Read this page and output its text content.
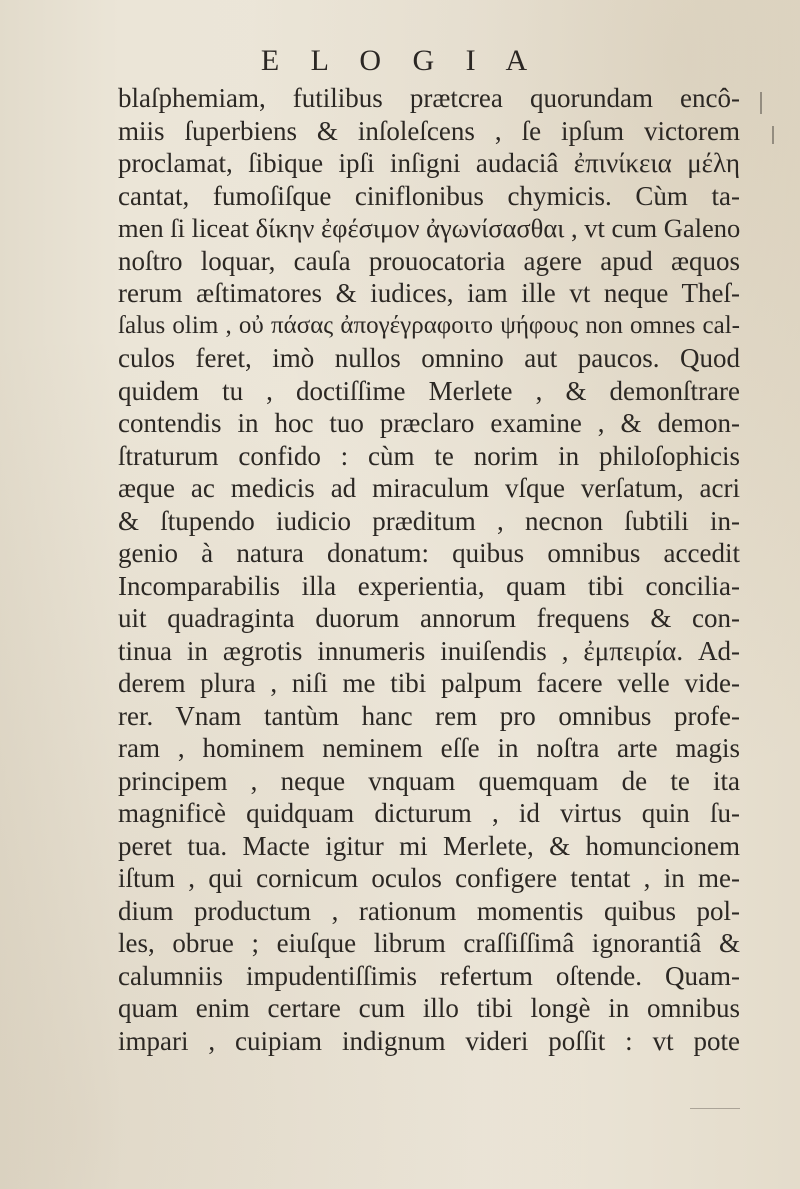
E L O G I A
blaſphemiam, futilibus prætcrea quorundam encô-
miis ſuperbiens & inſoleſcens , ſe ipſum victorem
proclamat, ſibique ipſi inſigni audaciâ ἐπινίκεια μέλη
cantat, fumoſiſque ciniflonibus chymicis. Cùm ta-
men ſi liceat δίκην ἐφέσιμον ἀγωνίσασθαι , vt cum Galeno
noſtro loquar, cauſa prouocatoria agere apud æquos
rerum æſtimatores & iudices, iam ille vt neque Theſ-
ſalus olim , οὐ πάσας ἀπογέγραφοιτο ψήφους non omnes cal-
culos feret, imò nullos omnino aut paucos. Quod
quidem tu , doctiſſime Merlete , & demonſtrare
contendis in hoc tuo præclaro examine , & demon-
ſtraturum confido : cùm te norim in philoſophicis
æque ac medicis ad miraculum vſque verſatum, acri
& ſtupendo iudicio præditum , necnon ſubtili in-
genio à natura donatum: quibus omnibus accedit
Incomparabilis illa experientia, quam tibi concilia-
uit quadraginta duorum annorum frequens & con-
tinua in ægrotis innumeris inuiſendis , ἐμπειρία. Ad-
derem plura , niſi me tibi palpum facere velle vide-
rer. Vnam tantùm hanc rem pro omnibus profe-
ram , hominem neminem eſſe in noſtra arte magis
principem , neque vnquam quemquam de te ita
magnificè quidquam dicturum , id virtus quin ſu-
peret tua. Macte igitur mi Merlete, & homuncionem
iſtum , qui cornicum oculos configere tentat , in me-
dium productum , rationum momentis quibus pol-
les, obrue ; eiuſque librum craſſiſſimâ ignorantiâ &
calumniis impudentiſſimis refertum oſtende. Quam-
quam enim certare cum illo tibi longè in omnibus
impari , cuipiam indignum videri poſſit : vt pote
